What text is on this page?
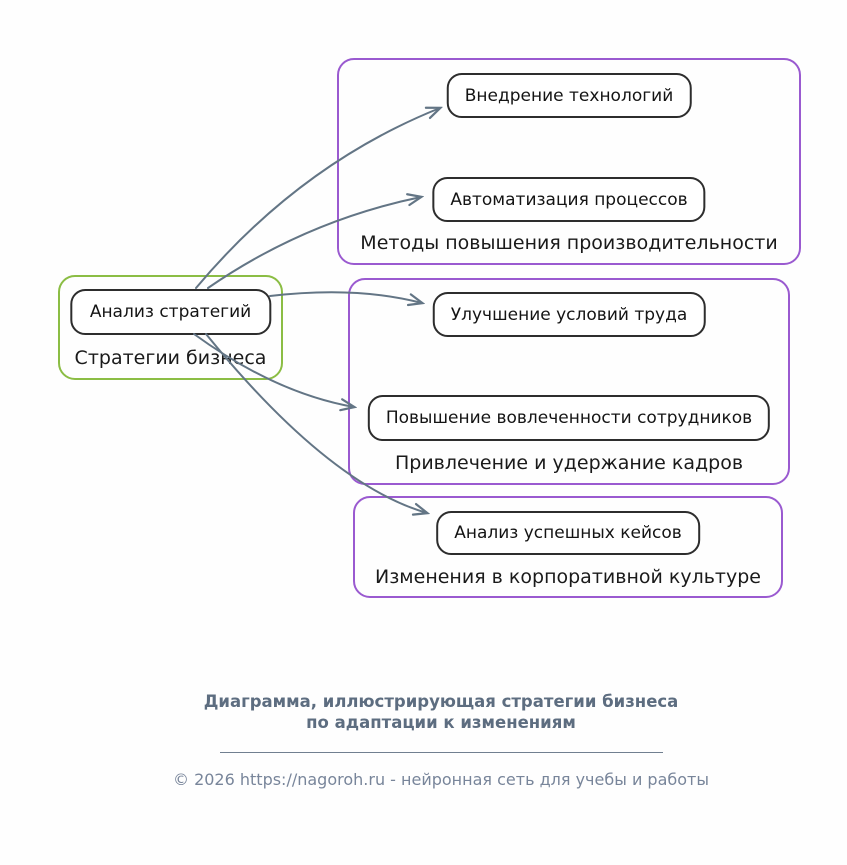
Анализ стратегий
Стратегии бизнеса
Внедрение технологий
Автоматизация процессов
Методы повышения производительности
Улучшение условий труда
Повышение вовлеченности сотрудников
Привлечение и удержание кадров
Анализ успешных кейсов
Изменения в корпоративной культуре
Диаграмма, иллюстрирующая стратегии бизнеса
по адаптации к изменениям
© 2026 https://nagoroh.ru - нейронная сеть для учебы и работы
